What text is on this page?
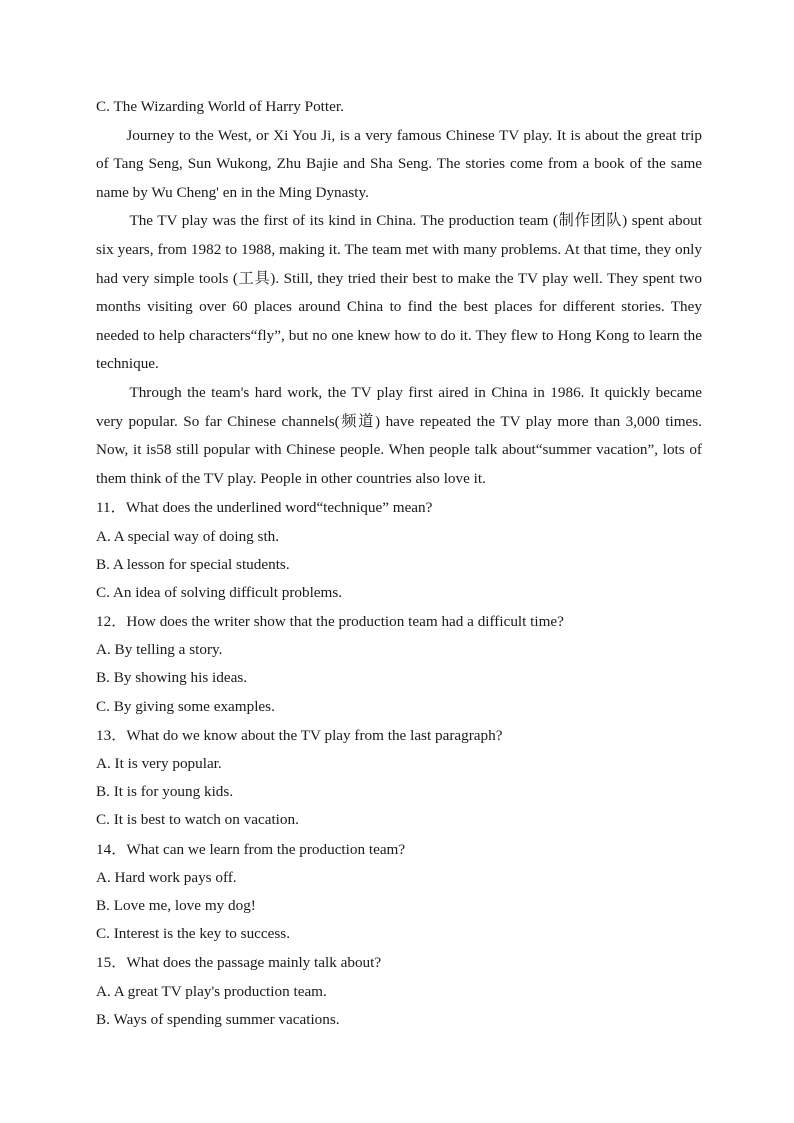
C. The Wizarding World of Harry Potter.
Journey to the West, or Xi You Ji, is a very famous Chinese TV play. It is about the great trip of Tang Seng, Sun Wukong, Zhu Bajie and Sha Seng. The stories come from a book of the same name by Wu Cheng' en in the Ming Dynasty.
The TV play was the first of its kind in China. The production team (制作团队) spent about six years, from 1982 to 1988, making it. The team met with many problems. At that time, they only had very simple tools (工具). Still, they tried their best to make the TV play well. They spent two months visiting over 60 places around China to find the best places for different stories. They needed to help characters“fly”, but no one knew how to do it. They flew to Hong Kong to learn the technique.
Through the team's hard work, the TV play first aired in China in 1986. It quickly became very popular. So far Chinese channels(频道) have repeated the TV play more than 3,000 times. Now, it is58 still popular with Chinese people. When people talk about“summer vacation”, lots of them think of the TV play. People in other countries also love it.
11．What does the underlined word“technique” mean?
A. A special way of doing sth.
B. A lesson for special students.
C. An idea of solving difficult problems.
12．How does the writer show that the production team had a difficult time?
A. By telling a story.
B. By showing his ideas.
C. By giving some examples.
13．What do we know about the TV play from the last paragraph?
A. It is very popular.
B. It is for young kids.
C. It is best to watch on vacation.
14．What can we learn from the production team?
A. Hard work pays off.
B. Love me, love my dog!
C. Interest is the key to success.
15．What does the passage mainly talk about?
A. A great TV play's production team.
B. Ways of spending summer vacations.
